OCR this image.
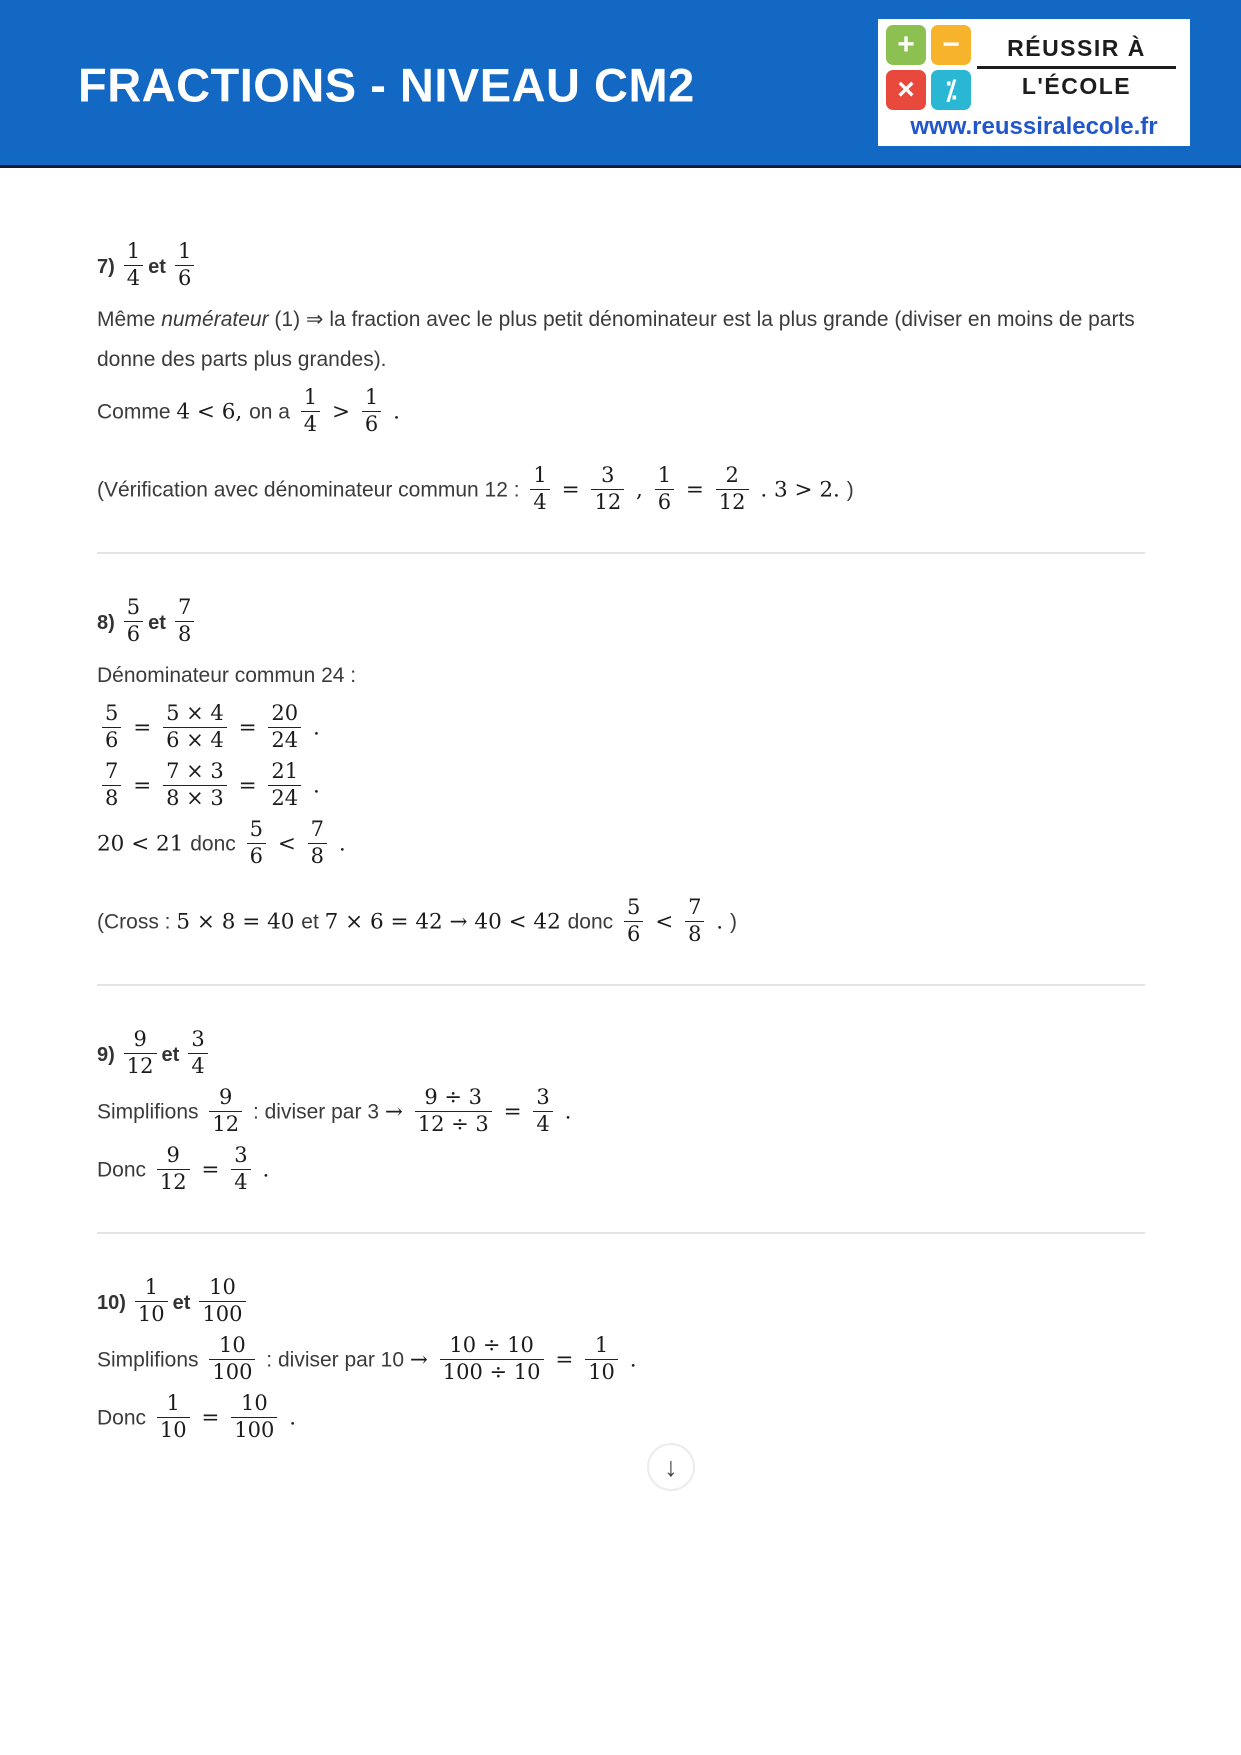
FRACTIONS - NIVEAU CM2
+ −
×	⁒
RÉUSSIR À
L'ÉCOLE
www.reussiralecole.fr
$7) \frac{1}{4}$ et $\frac{1}{6}$
Même numérateur (1) ⇒ la fraction avec le plus petit dénominateur est la plus grande (diviser en moins de parts donne des parts plus grandes).
Comme 4 < 6, on a $\frac{1}{4} > \frac{1}{6}$ .
(Vérification avec dénominateur commun 12 : $\frac{1}{4} = \frac{3}{12}$ , $\frac{1}{6} = \frac{2}{12}$ . 3 > 2. )
$8) \frac{5}{6}$ et $\frac{7}{8}$
Dénominateur commun 24 :
$\frac{5}{6} = \frac{5 \times 4}{6 \times 4} = \frac{20}{24}$ .
$\frac{7}{8} = \frac{7 \times 3}{8 \times 3} = \frac{21}{24}$ .
20 < 21 donc $\frac{5}{6} < \frac{7}{8}$ .
(Cross : 5 × 8 = 40 et 7 × 6 = 42 → 40 < 42 donc $\frac{5}{6} < \frac{7}{8}$ . )
$9) \frac{9}{12}$ et $\frac{3}{4}$
Simplifions $\frac{9}{12}$ : diviser par $3 \to \frac{9 \div 3}{12 \div 3} = \frac{3}{4}$ .
Donc $\frac{9}{12} = \frac{3}{4}$ .
$10) \frac{1}{10}$ et $\frac{10}{100}$
Simplifions $\frac{10}{100}$ : diviser par $10 \to \frac{10 \div 10}{100 \div 10} = \frac{1}{10}$ .
Donc $\frac{1}{10} = \frac{10}{100}$ .
↓
